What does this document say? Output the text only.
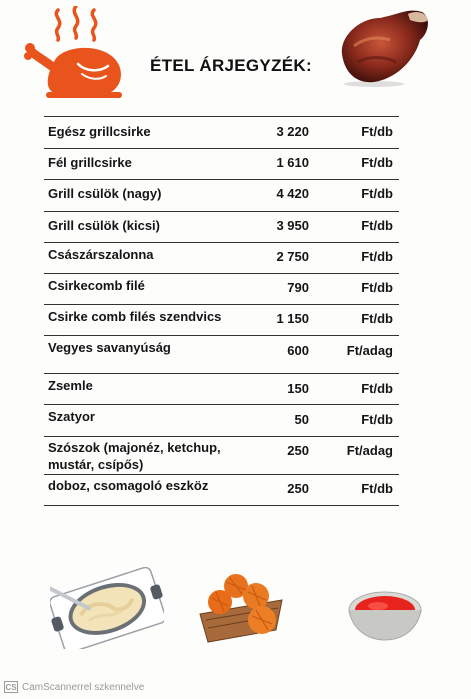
ÉTEL ÁRJEGYZÉK:
Egész grillcsirke	3 220	Ft/db
Fél grillcsirke	1 610	Ft/db
Grill csülök (nagy)	4 420	Ft/db
Grill csülök (kicsi)	3 950	Ft/db
Császárszalonna	2 750	Ft/db
Csirkecomb filé	790	Ft/db
Csirke comb filés szendvics	1 150	Ft/db
Vegyes savanyúság	600	Ft/adag
Zsemle	150	Ft/db
Szatyor	50	Ft/db
Szószok (majonéz, ketchup,
mustár, csípős)
250	Ft/adag
doboz, csomagoló eszköz	250	Ft/db
CS CamScannerrel szkennelve
